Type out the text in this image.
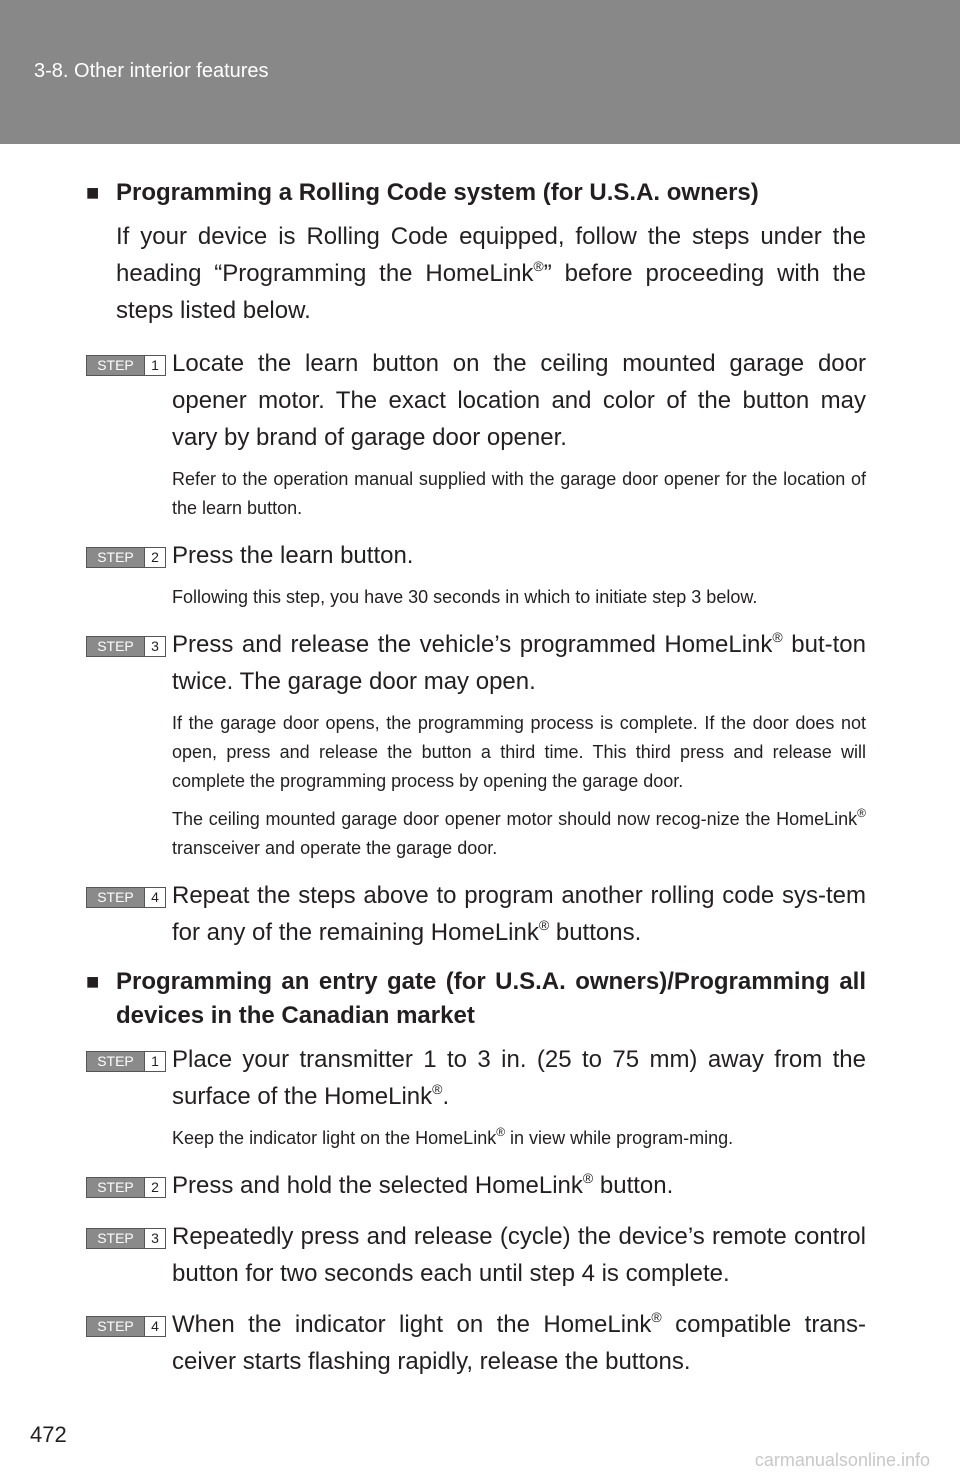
3-8. Other interior features
■ Programming a Rolling Code system (for U.S.A. owners)
If your device is Rolling Code equipped, follow the steps under the heading “Programming the HomeLink®” before proceeding with the steps listed below.
STEP	1 Locate the learn button on the ceiling mounted garage door opener motor. The exact location and color of the button may vary by brand of garage door opener.
Refer to the operation manual supplied with the garage door opener for the location of the learn button.
STEP	2 Press the learn button.
Following this step, you have 30 seconds in which to initiate step 3 below.
STEP	3 Press and release the vehicle’s programmed HomeLink® but-ton twice. The garage door may open.
If the garage door opens, the programming process is complete. If the door does not open, press and release the button a third time. This third press and release will complete the programming process by opening the garage door.
The ceiling mounted garage door opener motor should now recog-nize the HomeLink® transceiver and operate the garage door.
STEP	4 Repeat the steps above to program another rolling code sys-tem for any of the remaining HomeLink® buttons.
■ Programming an entry gate (for U.S.A. owners)/Programming all devices in the Canadian market
STEP	1 Place your transmitter 1 to 3 in. (25 to 75 mm) away from the surface of the HomeLink®.
Keep the indicator light on the HomeLink® in view while program-ming.
STEP	2 Press and hold the selected HomeLink® button.
STEP	3 Repeatedly press and release (cycle) the device’s remote control button for two seconds each until step 4 is complete.
STEP	4 When the indicator light on the HomeLink® compatible trans-ceiver starts flashing rapidly, release the buttons.
472
carmanualsonline.info
